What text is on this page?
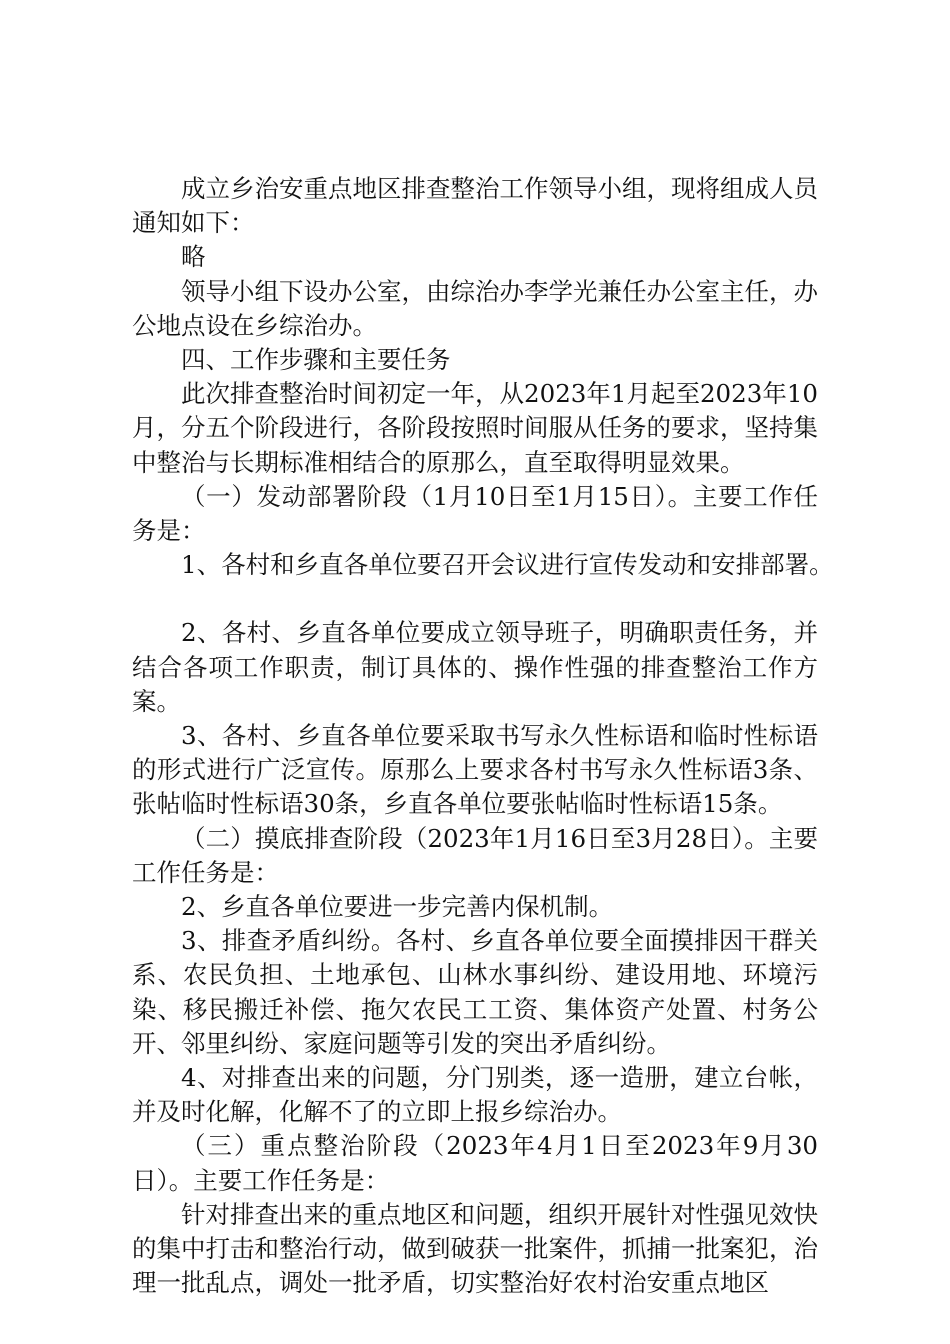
成立乡治安重点地区排查整治工作领导小组，现将组成人员通知如下：

略

领导小组下设办公室，由综治办李学光兼任办公室主任，办公地点设在乡综治办。

四、工作步骤和主要任务

此次排查整治时间初定一年，从2023年1月起至2023年10月，分五个阶段进行，各阶段按照时间服从任务的要求，坚持集中整治与长期标准相结合的原那么，直至取得明显效果。

（一）发动部署阶段（1月10日至1月15日）。主要工作任务是：

1、各村和乡直各单位要召开会议进行宣传发动和安排部署。

2、各村、乡直各单位要成立领导班子，明确职责任务，并结合各项工作职责，制订具体的、操作性强的排查整治工作方案。

3、各村、乡直各单位要采取书写永久性标语和临时性标语的形式进行广泛宣传。原那么上要求各村书写永久性标语3条、张帖临时性标语30条，乡直各单位要张帖临时性标语15条。

（二）摸底排查阶段（2023年1月16日至3月28日）。主要工作任务是：

2、乡直各单位要进一步完善内保机制。

3、排查矛盾纠纷。各村、乡直各单位要全面摸排因干群关系、农民负担、土地承包、山林水事纠纷、建设用地、环境污染、移民搬迁补偿、拖欠农民工工资、集体资产处置、村务公开、邻里纠纷、家庭问题等引发的突出矛盾纠纷。

4、对排查出来的问题，分门别类，逐一造册，建立台帐，并及时化解，化解不了的立即上报乡综治办。

（三）重点整治阶段（2023年4月1日至2023年9月30日）。主要工作任务是：

针对排查出来的重点地区和问题，组织开展针对性强见效快的集中打击和整治行动，做到破获一批案件，抓捕一批案犯，治理一批乱点，调处一批矛盾，切实整治好农村治安重点地区
